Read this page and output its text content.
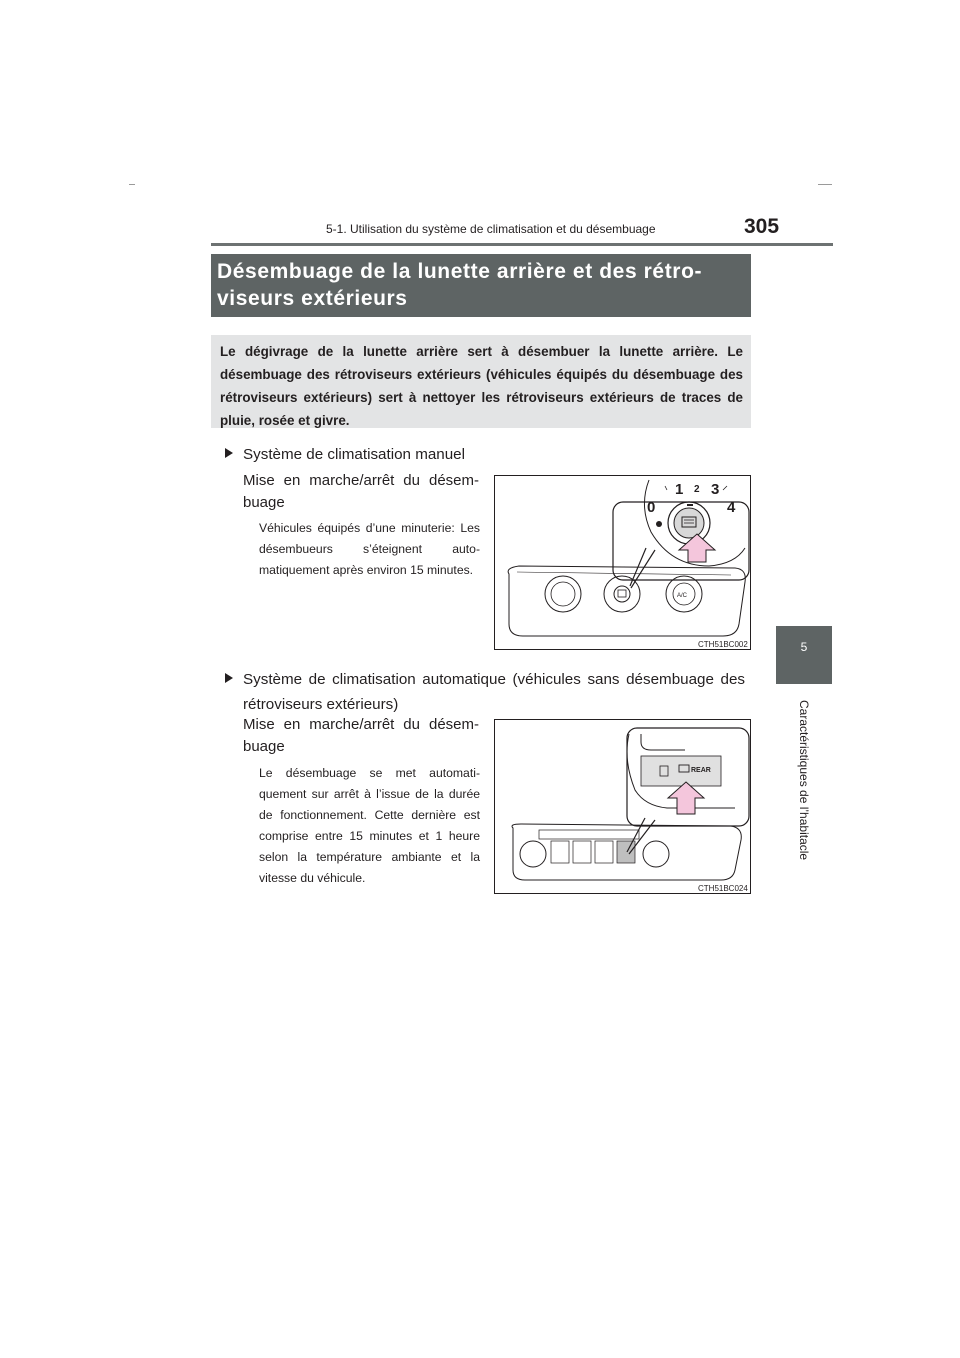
5-1. Utilisation du système de climatisation et du désembuage	305
5
Caractéristiques de l’habitacle
Désembuage de la lunette arrière et des rétro-
viseurs extérieurs
Le dégivrage de la lunette arrière sert à désembuer la lunette arrière. Le désembuage des rétroviseurs extérieurs (véhicules équipés du désembuage des rétroviseurs extérieurs) sert à nettoyer les rétroviseurs extérieurs de traces de pluie, rosée et givre.
Système de climatisation manuel
Mise en marche/arrêt du désembuage
Véhicules équipés d’une minuterie: Les désembueurs s’éteignent automatiquement après environ 15 minutes.
A/C
1 2 3
0	4
CTH51BC002
Système de climatisation automatique (véhicules sans désembuage des rétroviseurs extérieurs)
Mise en marche/arrêt du désembuage
Le désembuage se met automatiquement sur arrêt à l’issue de la durée de fonctionnement. Cette dernière est comprise entre 15 minutes et 1 heure selon la température ambiante et la vitesse du véhicule.
REAR
CTH51BC024
